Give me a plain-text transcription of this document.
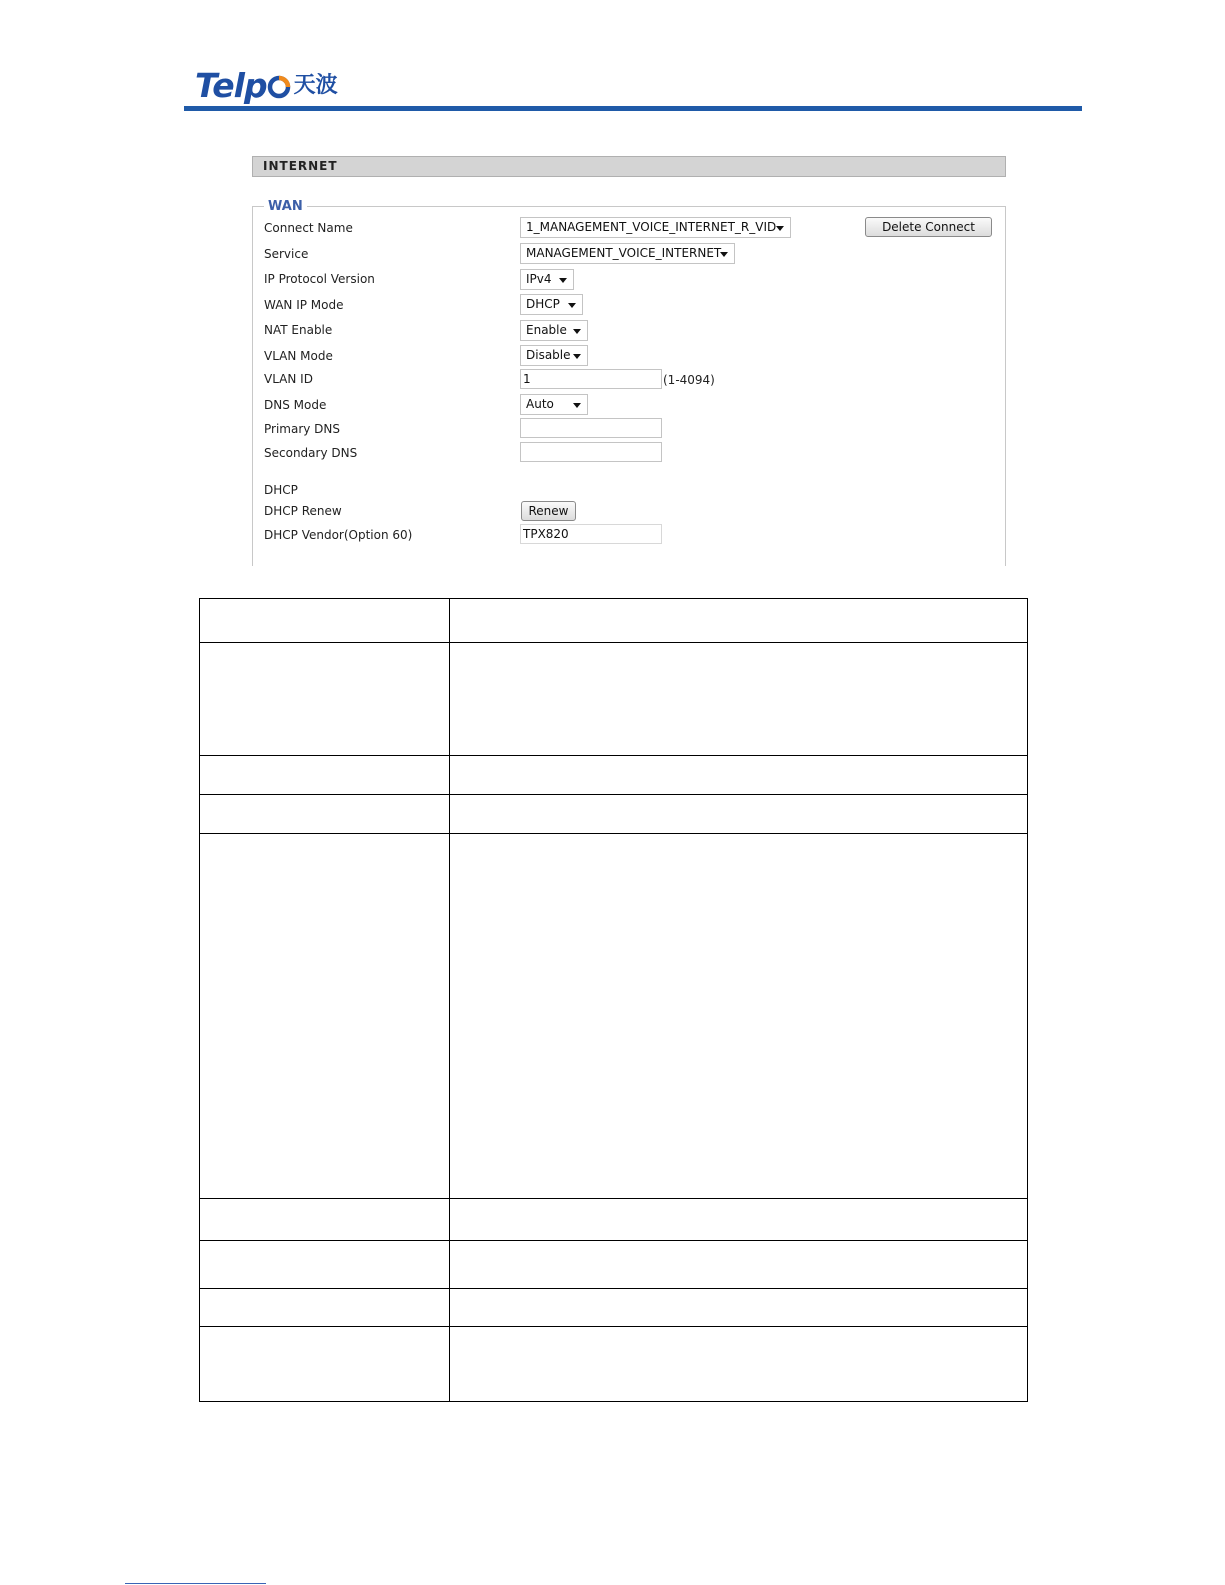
Telp 天波
INTERNET
WAN
Connect Name	1_MANAGEMENT_VOICE_INTERNET_R_VID	Delete Connect
Service	MANAGEMENT_VOICE_INTERNET
IP Protocol Version	IPv4
WAN IP Mode	DHCP
NAT Enable	Enable
VLAN Mode	Disable
VLAN ID	1	(1-4094)
DNS Mode	Auto
Primary DNS
Secondary DNS
DHCP
DHCP Renew	Renew
DHCP Vendor(Option 60)	TPX820
